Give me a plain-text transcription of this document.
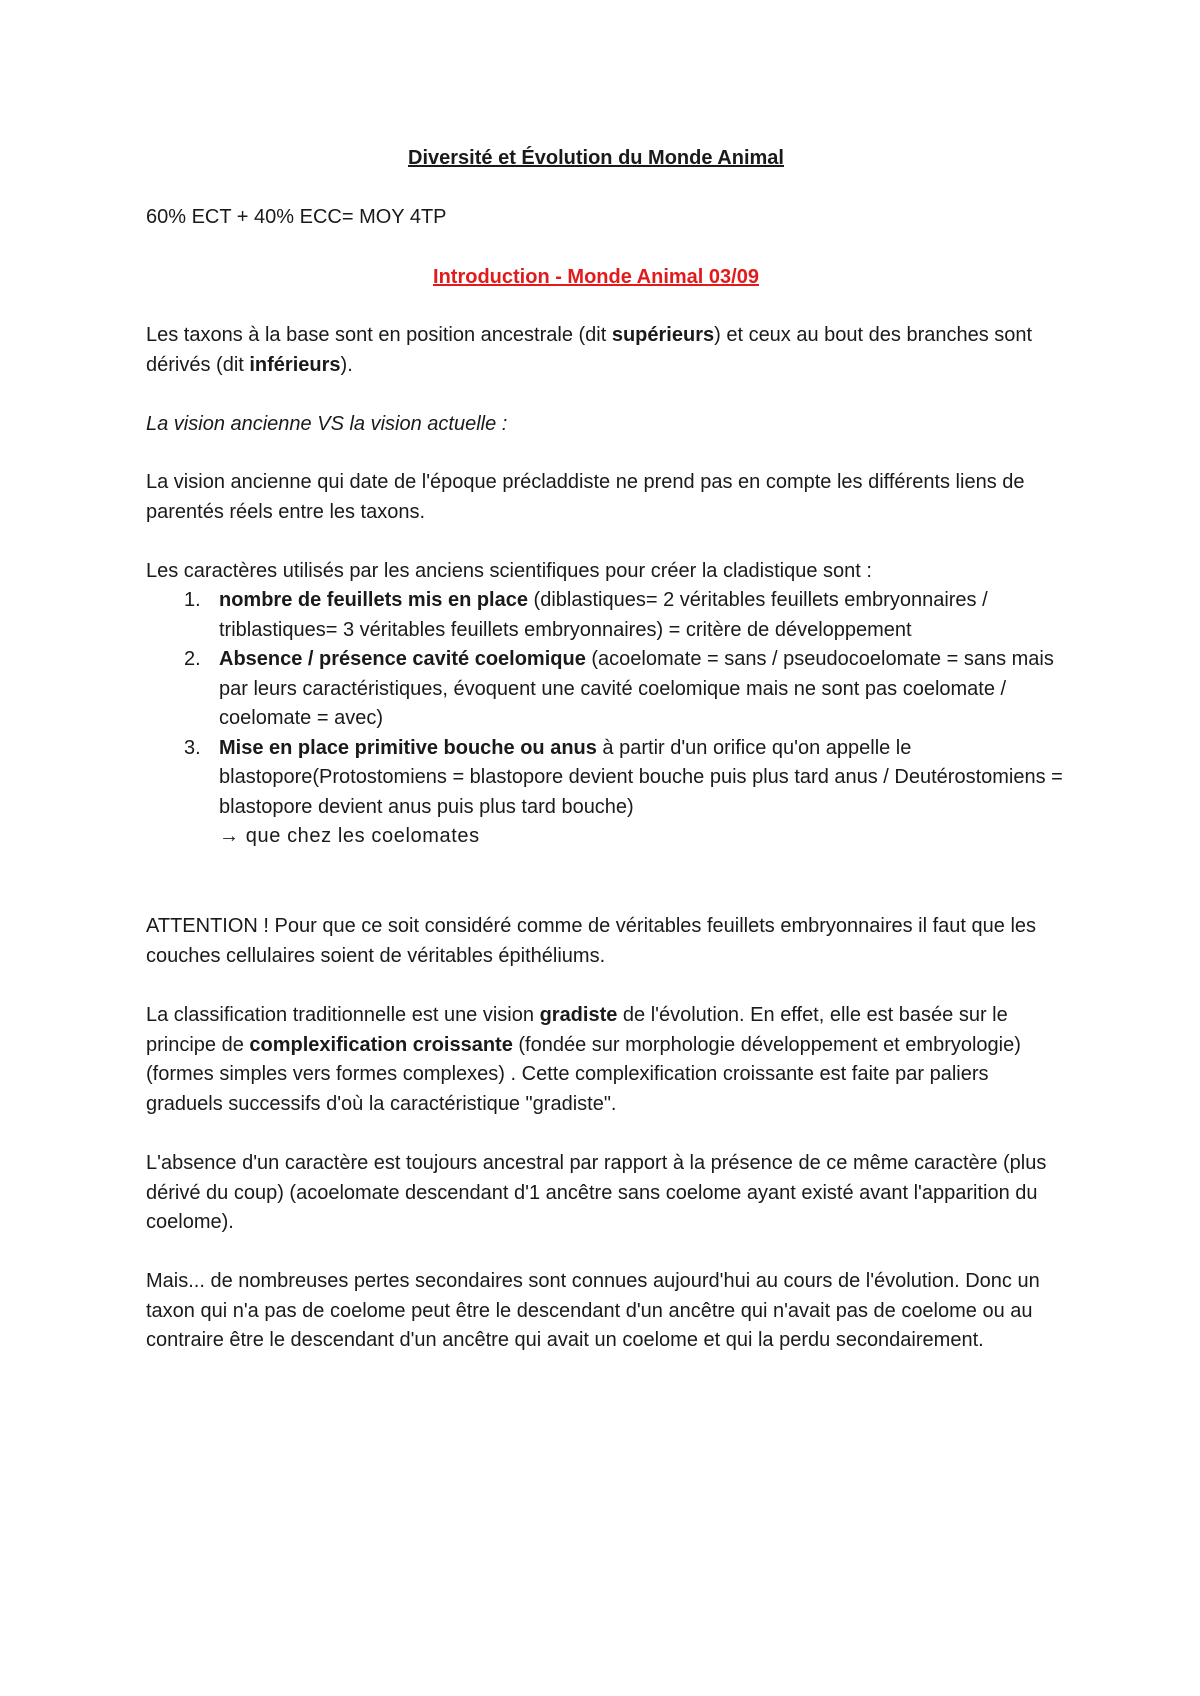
Diversité et Évolution du Monde Animal

60% ECT + 40% ECC= MOY 4TP

Introduction - Monde Animal 03/09

Les taxons à la base sont en position ancestrale (dit supérieurs) et ceux au bout des branches sont dérivés (dit inférieurs).

La vision ancienne VS la vision actuelle :

La vision ancienne qui date de l'époque précladdiste ne prend pas en compte les différents liens de parentés réels entre les taxons.

Les caractères utilisés par les anciens scientifiques pour créer la cladistique sont :

1. nombre de feuillets mis en place (diblastiques= 2 véritables feuillets embryonnaires / triblastiques= 3 véritables feuillets embryonnaires) = critère de développement
2. Absence / présence cavité coelomique (acoelomate = sans / pseudocoelomate = sans mais par leurs caractéristiques, évoquent une cavité coelomique mais ne sont pas coelomate / coelomate = avec)
3. Mise en place primitive bouche ou anus à partir d'un orifice qu'on appelle le blastopore(Protostomiens = blastopore devient bouche puis plus tard anus / Deutérostomiens = blastopore devient anus puis plus tard bouche)
→ que chez les coelomates

ATTENTION ! Pour que ce soit considéré comme de véritables feuillets embryonnaires il faut que les couches cellulaires soient de véritables épithéliums.

La classification traditionnelle est une vision gradiste de l'évolution. En effet, elle est basée sur le principe de complexification croissante (fondée sur morphologie développement et embryologie) (formes simples vers formes complexes) . Cette complexification croissante est faite par paliers graduels successifs d'où la caractéristique "gradiste".

L'absence d'un caractère est toujours ancestral par rapport à la présence de ce même caractère (plus dérivé du coup) (acoelomate descendant d'1 ancêtre sans coelome ayant existé avant l'apparition du coelome).

Mais... de nombreuses pertes secondaires sont connues aujourd'hui au cours de l'évolution. Donc un taxon qui n'a pas de coelome peut être le descendant d'un ancêtre qui n'avait pas de coelome ou au contraire être le descendant d'un ancêtre qui avait un coelome et qui la perdu secondairement.
